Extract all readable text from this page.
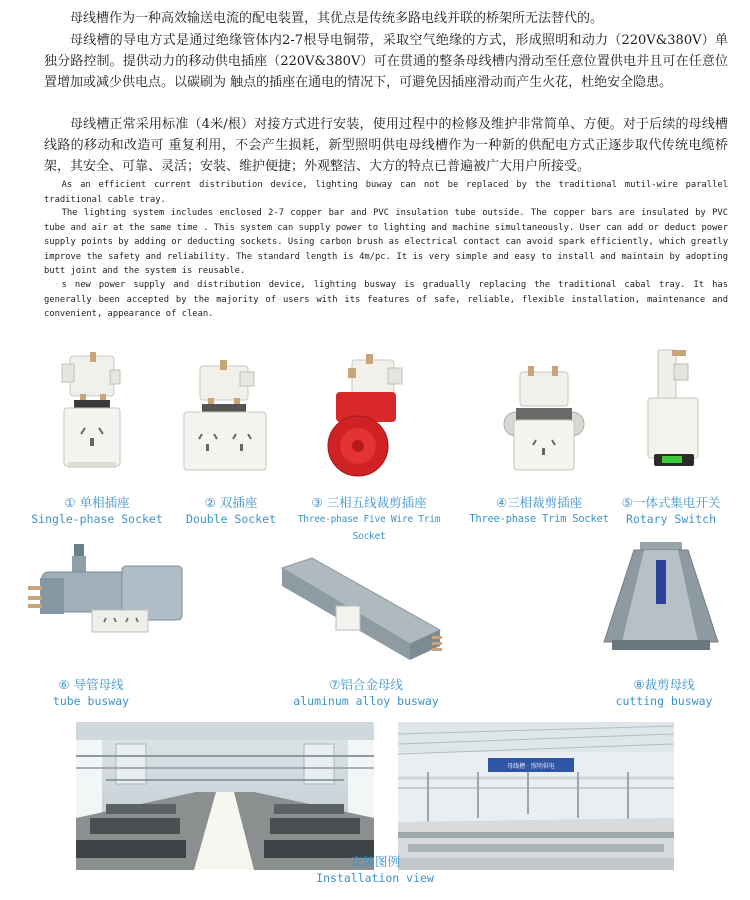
母线槽作为一种高效输送电流的配电装置，其优点是传统多路电线并联的桥架所无法替代的。

母线槽的导电方式是通过绝缘管体内2-7根导电铜带，采取空气绝缘的方式，形成照明和动力（220V&380V）单独分路控制。提供动力的移动供电插座（220V&380V）可在贯通的整条母线槽内滑动至任意位置供电并且可在任意位置增加或减少供电点。以碳刷为 触点的插座在通电的情况下，可避免因插座滑动而产生火花，杜绝安全隐患。

母线槽正常采用标准（4米/根）对接方式进行安装，使用过程中的检修及维护非常简单、方便。对于后续的母线槽线路的移动和改造可 重复利用，不会产生损耗，新型照明供电母线槽作为一种新的供配电方式正逐步取代传统电缆桥架，其安全、可靠、灵活；安装、维护便捷；外观整洁、大方的特点已普遍被广大用户所接受。

As an efficient current distribution device, lighting buway can not be replaced by the traditional mutil-wire parallel traditional cable tray.

The lighting system includes enclosed 2-7 copper bar and PVC insulation tube outside. The copper bars are insulated by PVC tube and air at the same time . This system can supply power to lighting and machine simultaneously. User can add or deduct power supply points by adding or deducting sockets. Using carbon brush as electrical contact can avoid spark efficiently, which greatly improve the safety and reliability. The standard length is 4m/pc. It is very simple and easy to install and maintain by adopting butt joint and the system is reusable.

s new power supply and distribution device, lighting busway is gradually replacing the traditional cabal tray. It has generally been accepted by the majority of users with its features of safe, reliable, flexible installation, maintenance and convenient, appearance of clean.

① 单相插座
Single-phase Socket
② 双插座
Double Socket
③ 三相五线裁剪插座
Three-phase Five Wire Trim Socket
④三相裁剪插座
Three-phase Trim Socket
⑤一体式集电开关
Rotary Switch
⑥ 导管母线
tube busway
⑦铝合金母线
aluminum alloy busway
⑧裁剪母线
cutting busway
母线槽 · 照明供电
安装图例
Installation view
